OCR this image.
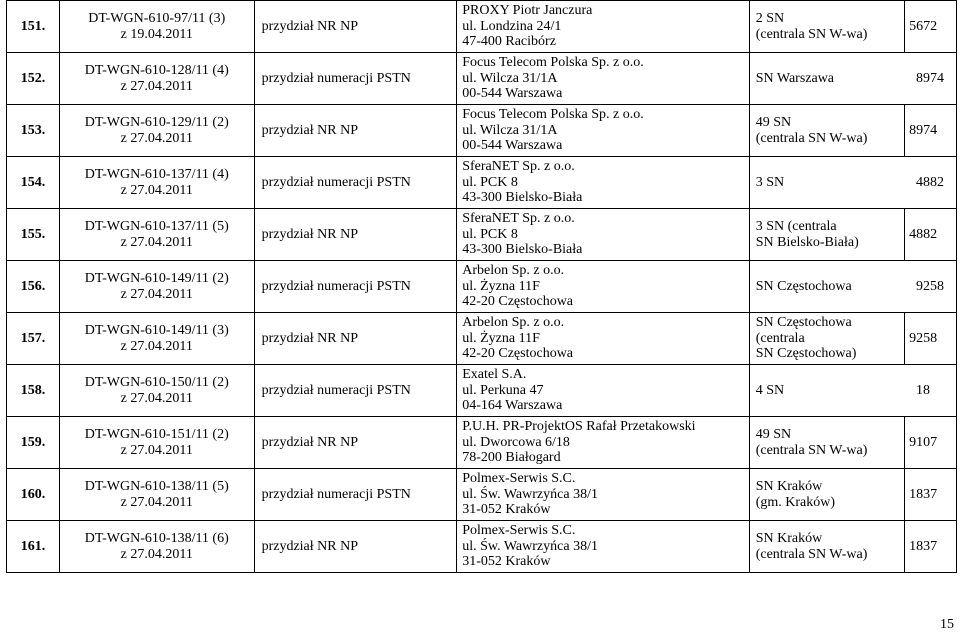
151.	DT-WGN-610-97/11 (3)
z 19.04.2011	przydział NR NP	PROXY Piotr Janczura
ul. Londzina 24/1
47-400 Racibórz	2 SN
(centrala SN W-wa)	5672
152.	DT-WGN-610-128/11 (4)
z 27.04.2011	przydział numeracji PSTN	Focus Telecom Polska Sp. z o.o.
ul. Wilcza 31/1A
00-544 Warszawa	SN Warszawa 8974	

153.	DT-WGN-610-129/11 (2)
z 27.04.2011	przydział NR NP	Focus Telecom Polska Sp. z o.o.
ul. Wilcza 31/1A
00-544 Warszawa	49 SN
(centrala SN W-wa)	8974
154.	DT-WGN-610-137/11 (4)
z 27.04.2011	przydział numeracji PSTN	SferaNET Sp. z o.o.
ul. PCK 8
43-300 Bielsko-Biała	3 SN 4882	

155.	DT-WGN-610-137/11 (5)
z 27.04.2011	przydział NR NP	SferaNET Sp. z o.o.
ul. PCK 8
43-300 Bielsko-Biała	3 SN (centrala
SN Bielsko-Biała)	4882
156.	DT-WGN-610-149/11 (2)
z 27.04.2011	przydział numeracji PSTN	Arbelon Sp. z o.o.
ul. Żyzna 11F
42-20 Częstochowa	SN Częstochowa 9258	

157.	DT-WGN-610-149/11 (3)
z 27.04.2011	przydział NR NP	Arbelon Sp. z o.o.
ul. Żyzna 11F
42-20 Częstochowa	SN Częstochowa
(centrala
SN Częstochowa)	9258
158.	DT-WGN-610-150/11 (2)
z 27.04.2011	przydział numeracji PSTN	Exatel S.A.
ul. Perkuna 47
04-164 Warszawa	4 SN 18	

159.	DT-WGN-610-151/11 (2)
z 27.04.2011	przydział NR NP	P.U.H. PR-ProjektOS Rafał Przetakowski
ul. Dworcowa 6/18
78-200 Białogard	49 SN
(centrala SN W-wa)	9107
160.	DT-WGN-610-138/11 (5)
z 27.04.2011	przydział numeracji PSTN	Polmex-Serwis S.C.
ul. Św. Wawrzyńca 38/1
31-052 Kraków	SN Kraków
(gm. Kraków)	1837
161.	DT-WGN-610-138/11 (6)
z 27.04.2011	przydział NR NP	Polmex-Serwis S.C.
ul. Św. Wawrzyńca 38/1
31-052 Kraków	SN Kraków
(centrala SN W-wa)	1837
15
